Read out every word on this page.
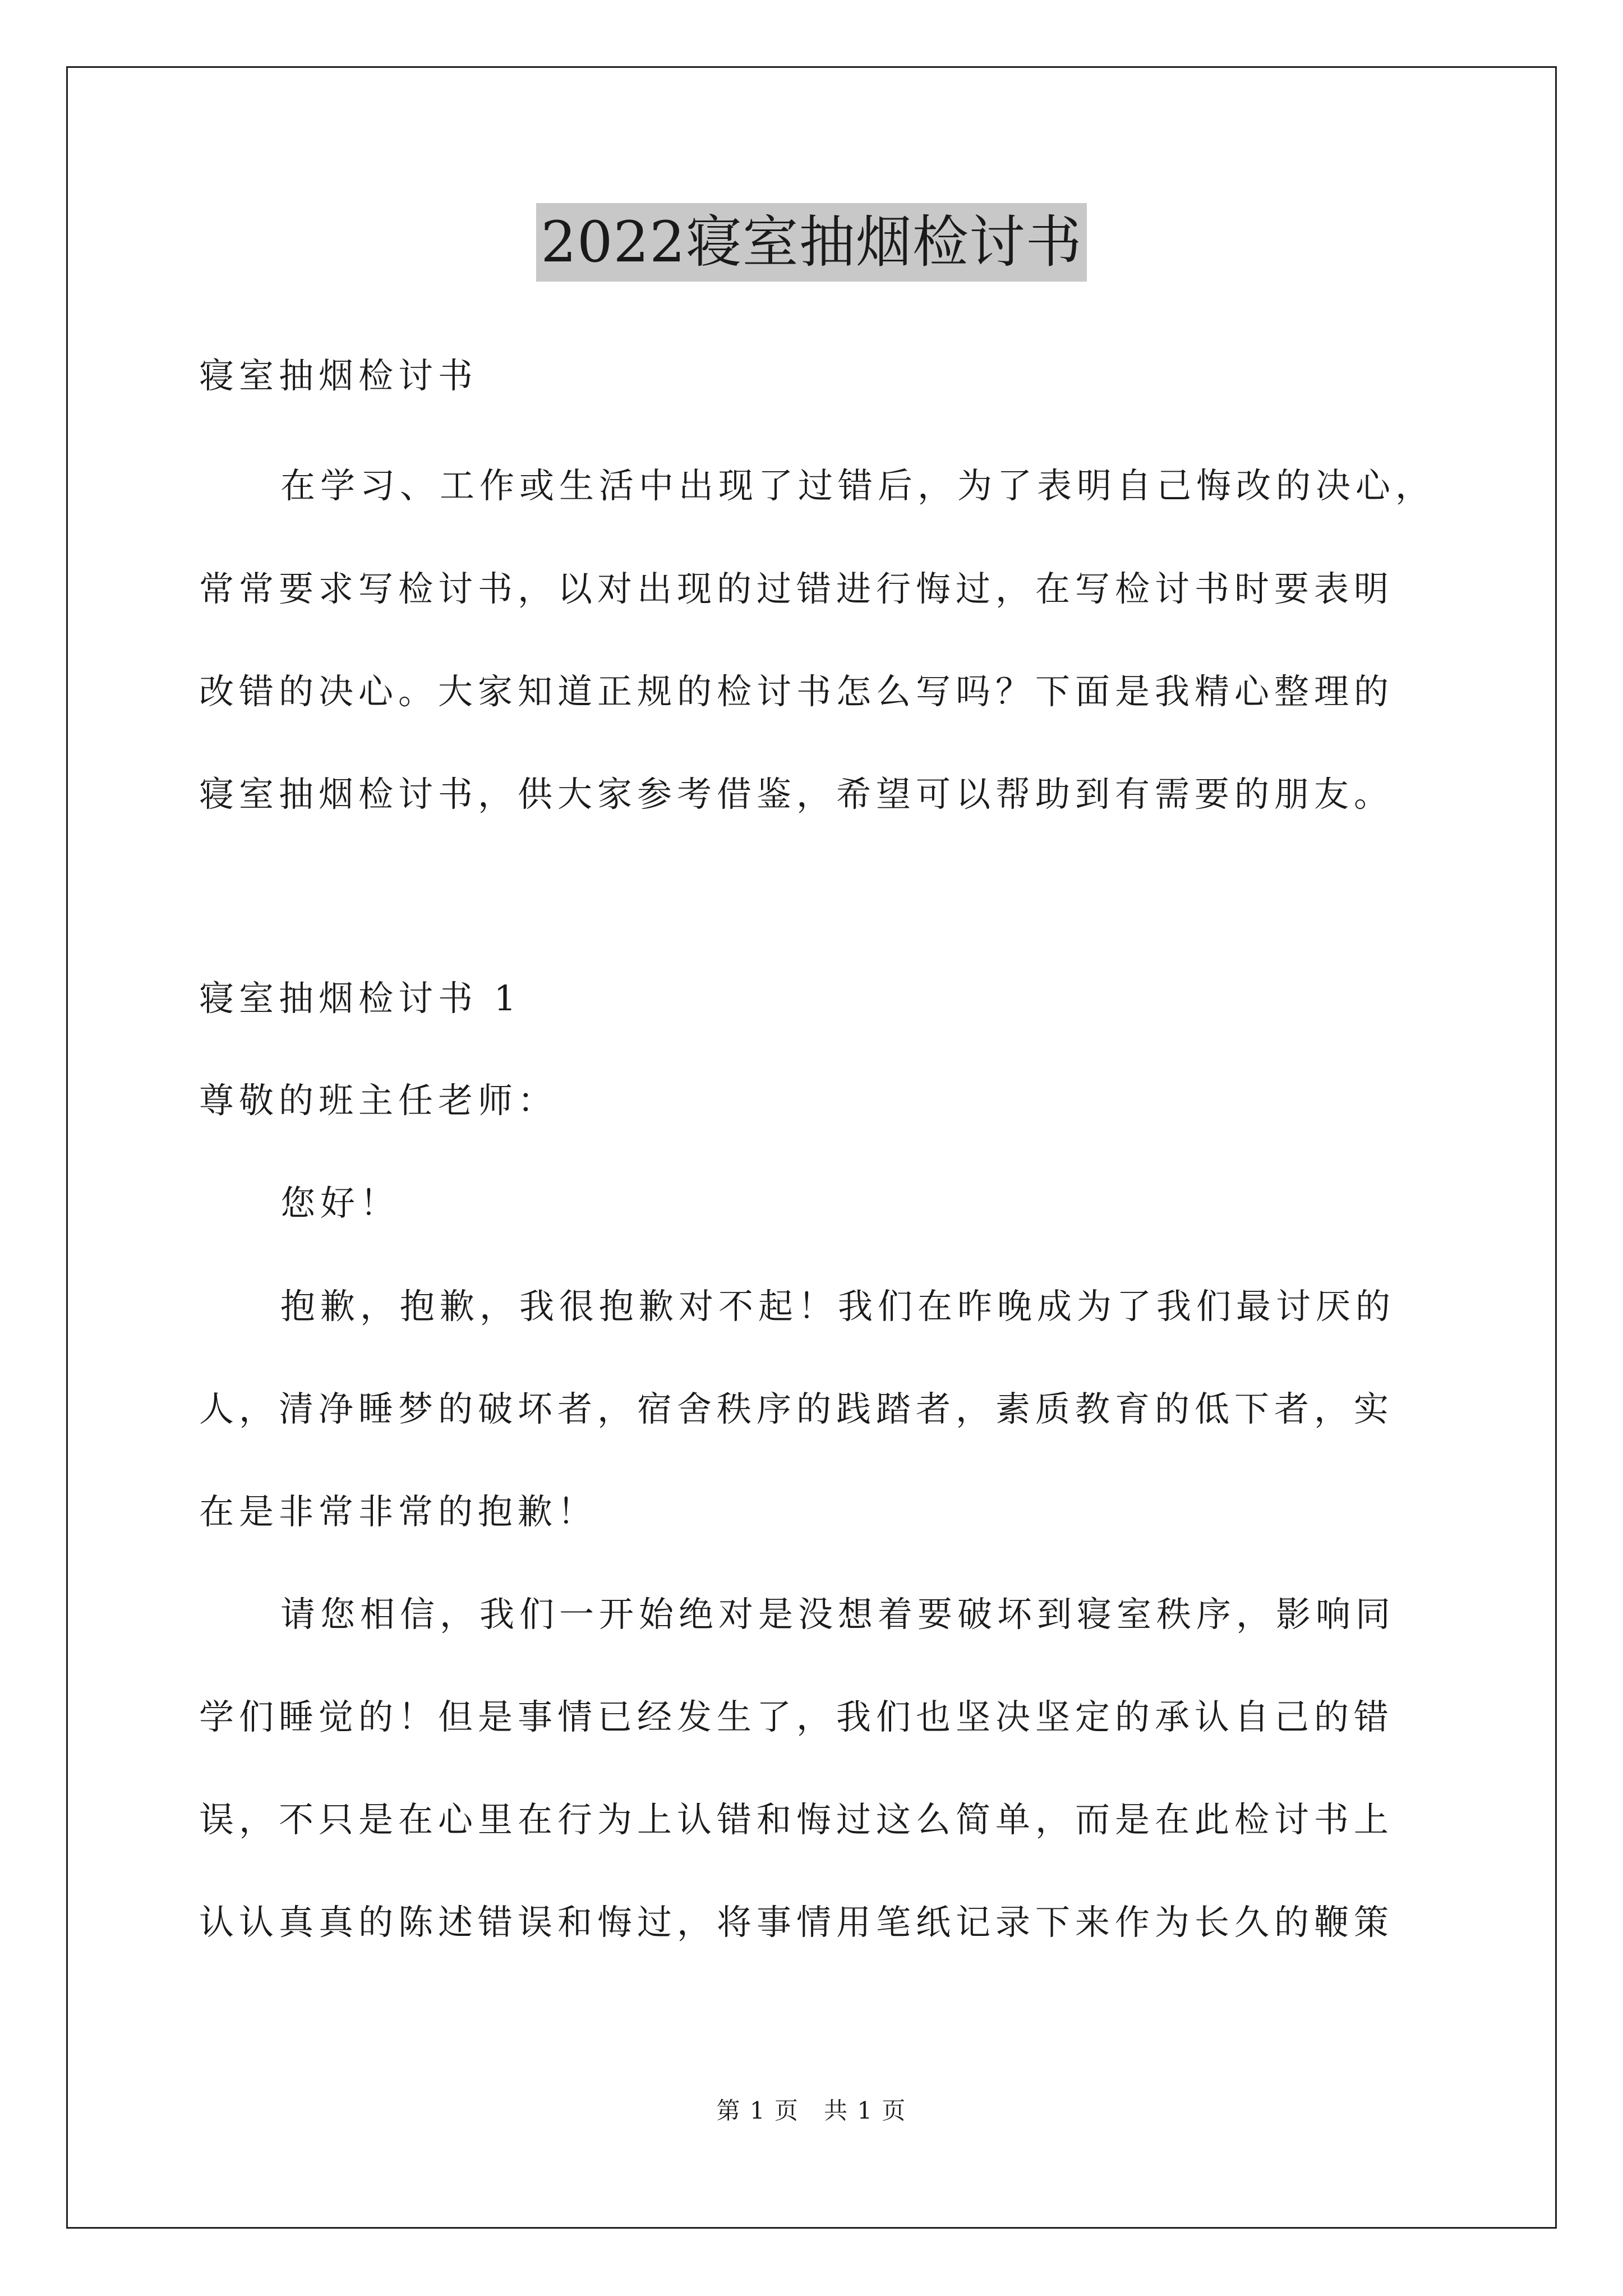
2022寝室抽烟检讨书
寝室抽烟检讨书
在学习、工作或生活中出现了过错后，为了表明自己悔改的决心，
常常要求写检讨书，以对出现的过错进行悔过，在写检讨书时要表明
改错的决心。大家知道正规的检讨书怎么写吗？下面是我精心整理的
寝室抽烟检讨书，供大家参考借鉴，希望可以帮助到有需要的朋友。
寝室抽烟检讨书 1
尊敬的班主任老师：
您好！
抱歉，抱歉，我很抱歉对不起！我们在昨晚成为了我们最讨厌的
人，清净睡梦的破坏者，宿舍秩序的践踏者，素质教育的低下者，实
在是非常非常的抱歉！
请您相信，我们一开始绝对是没想着要破坏到寝室秩序，影响同
学们睡觉的！但是事情已经发生了，我们也坚决坚定的承认自己的错
误，不只是在心里在行为上认错和悔过这么简单，而是在此检讨书上
认认真真的陈述错误和悔过，将事情用笔纸记录下来作为长久的鞭策
第 1 页　共 1 页
